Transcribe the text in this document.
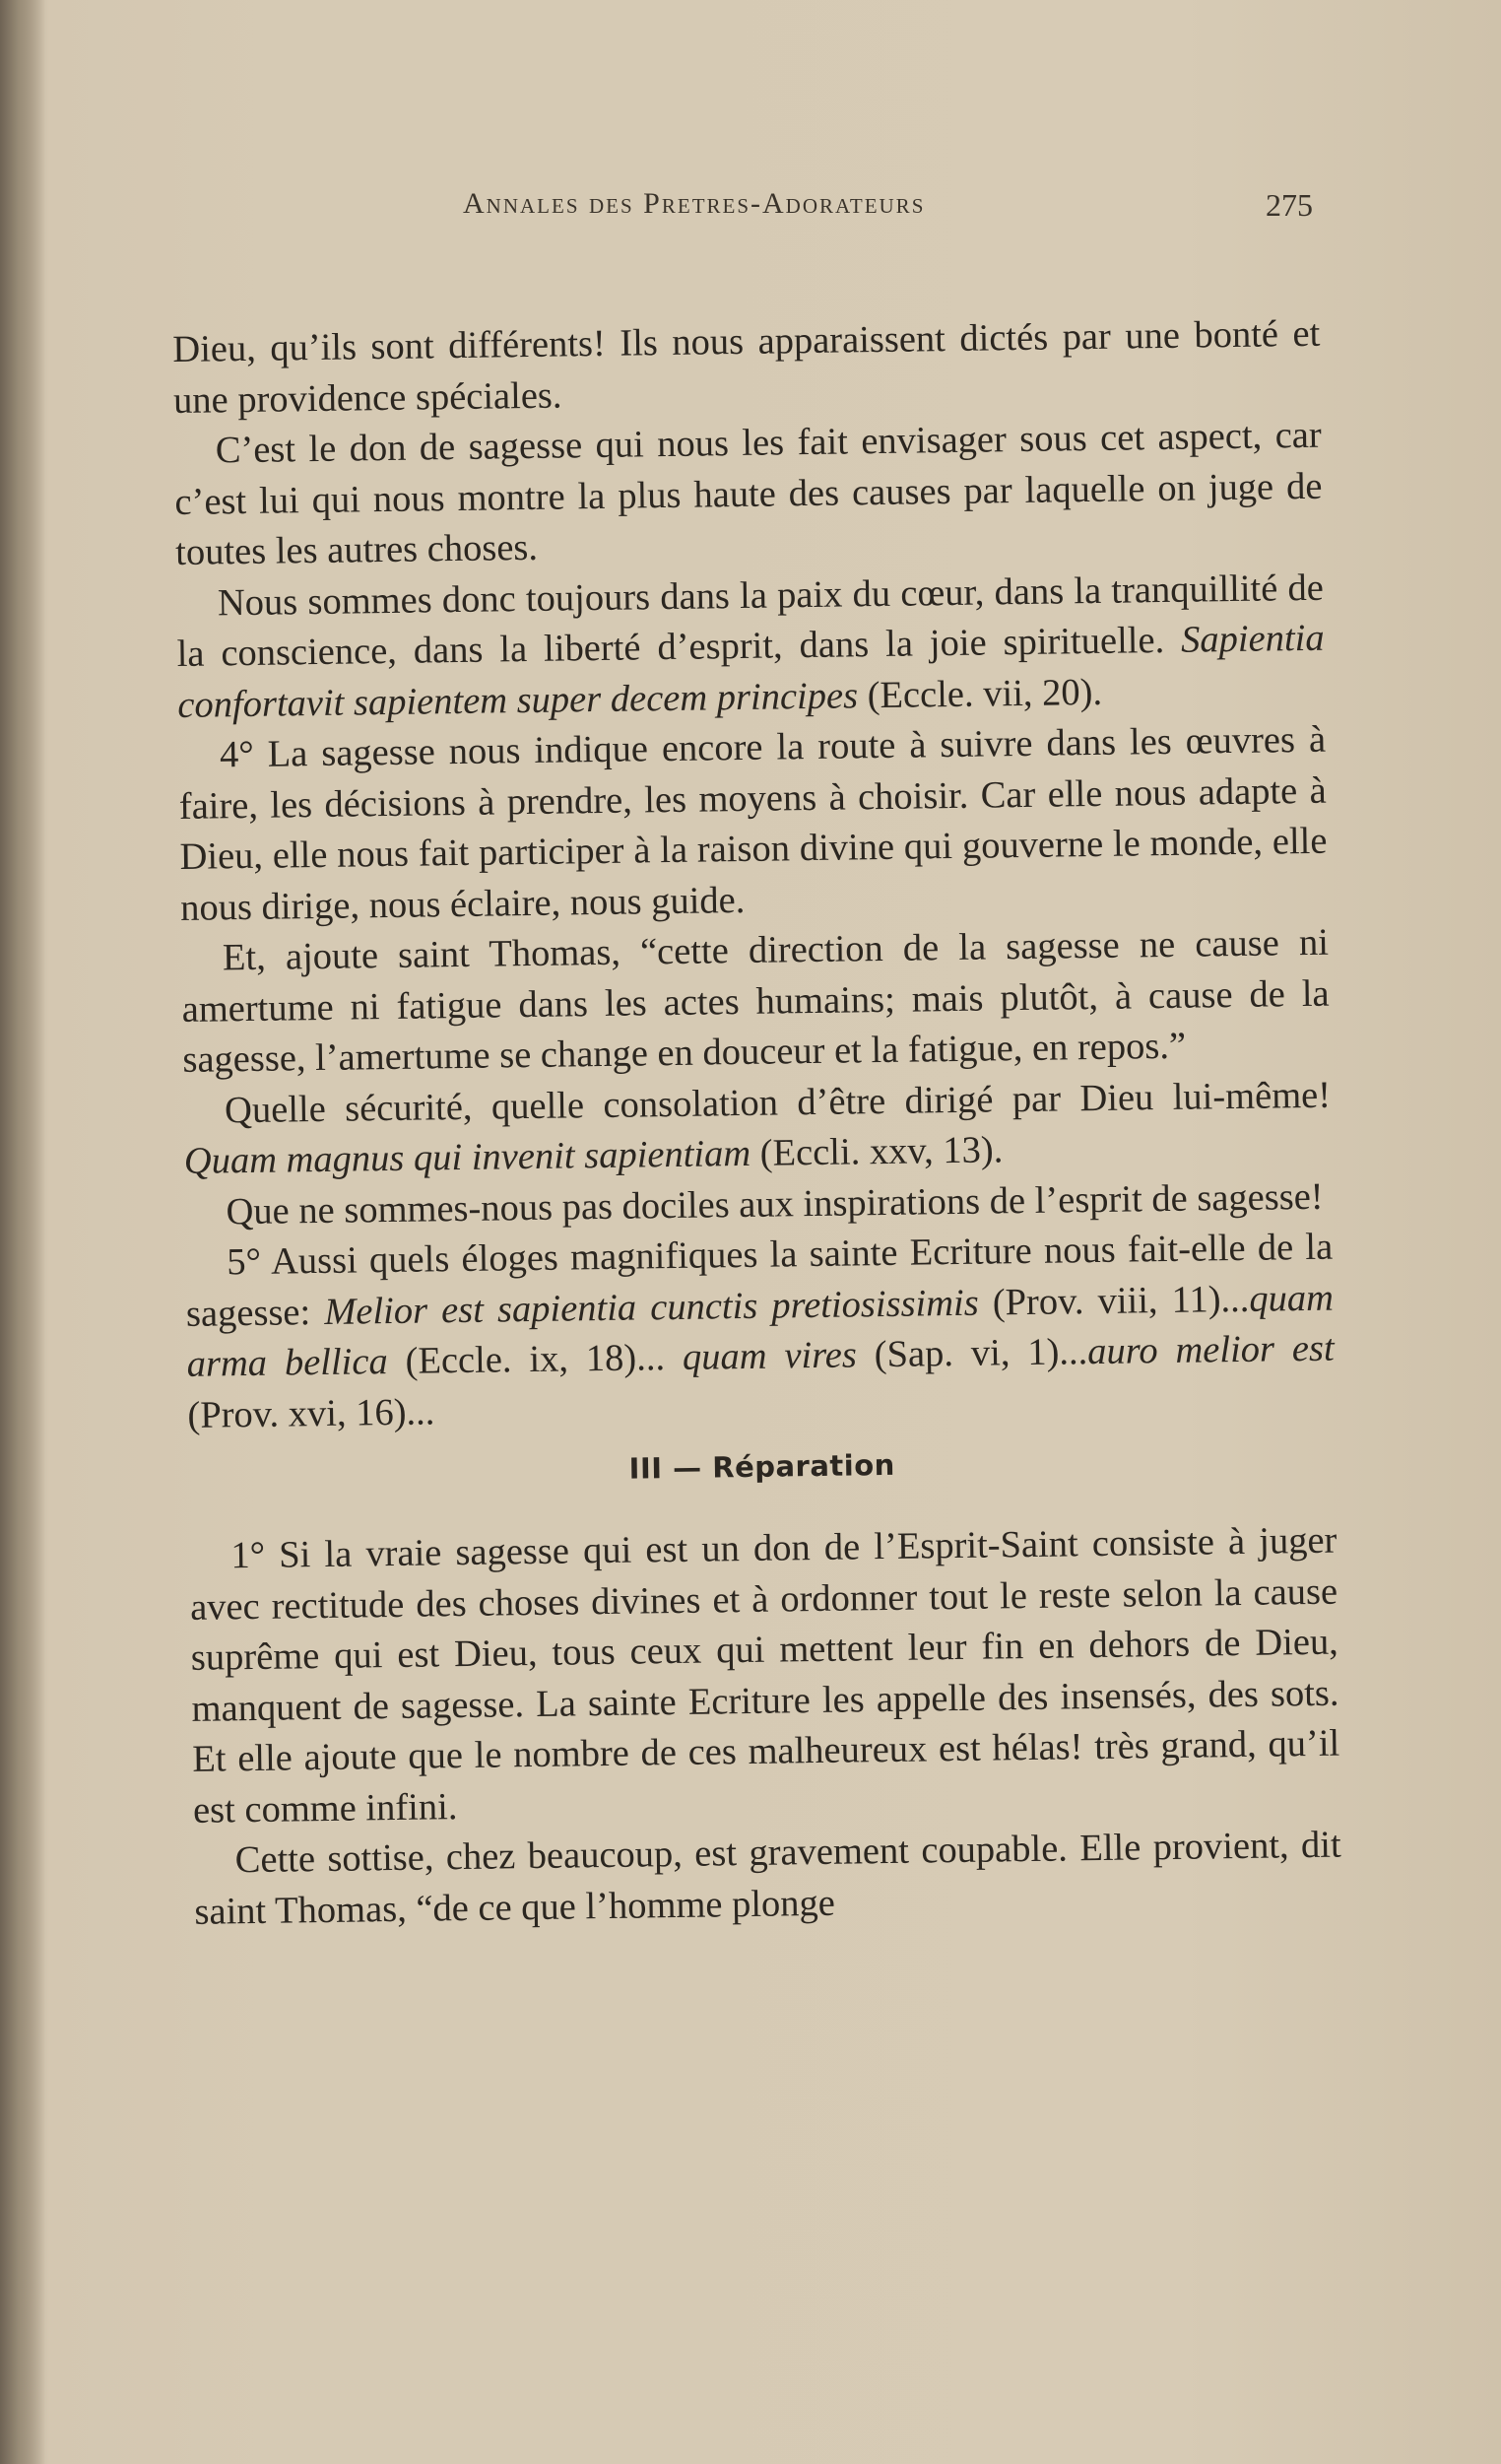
Annales des Pretres-Adorateurs	275

Dieu, qu’ils sont différents! Ils nous apparaissent dictés par une bonté et une providence spéciales.

C’est le don de sagesse qui nous les fait envisager sous cet aspect, car c’est lui qui nous montre la plus haute des causes par laquelle on juge de toutes les autres choses.

Nous sommes donc toujours dans la paix du cœur, dans la tranquillité de la conscience, dans la liberté d’esprit, dans la joie spirituelle. Sapientia confortavit sapientem super decem principes (Eccle. vii, 20).

4° La sagesse nous indique encore la route à suivre dans les œuvres à faire, les décisions à prendre, les moyens à choisir. Car elle nous adapte à Dieu, elle nous fait participer à la raison divine qui gouverne le monde, elle nous dirige, nous éclaire, nous guide.

Et, ajoute saint Thomas, “cette direction de la sagesse ne cause ni amertume ni fatigue dans les actes humains; mais plutôt, à cause de la sagesse, l’amertume se change en douceur et la fatigue, en repos.”

Quelle sécurité, quelle consolation d’être dirigé par Dieu lui-même! Quam magnus qui invenit sapientiam (Eccli. xxv, 13).

Que ne sommes-nous pas dociles aux inspirations de l’esprit de sagesse!

5° Aussi quels éloges magnifiques la sainte Ecriture nous fait-elle de la sagesse: Melior est sapientia cunctis pretiosissimis (Prov. viii, 11)...quam arma bellica (Eccle. ix, 18)... quam vires (Sap. vi, 1)...auro melior est (Prov. xvi, 16)...

III — Réparation

1° Si la vraie sagesse qui est un don de l’Esprit-Saint consiste à juger avec rectitude des choses divines et à ordonner tout le reste selon la cause suprême qui est Dieu, tous ceux qui mettent leur fin en dehors de Dieu, manquent de sagesse. La sainte Ecriture les appelle des insensés, des sots. Et elle ajoute que le nombre de ces malheureux est hélas! très grand, qu’il est comme infini.

Cette sottise, chez beaucoup, est gravement coupable. Elle provient, dit saint Thomas, “de ce que l’homme plonge
